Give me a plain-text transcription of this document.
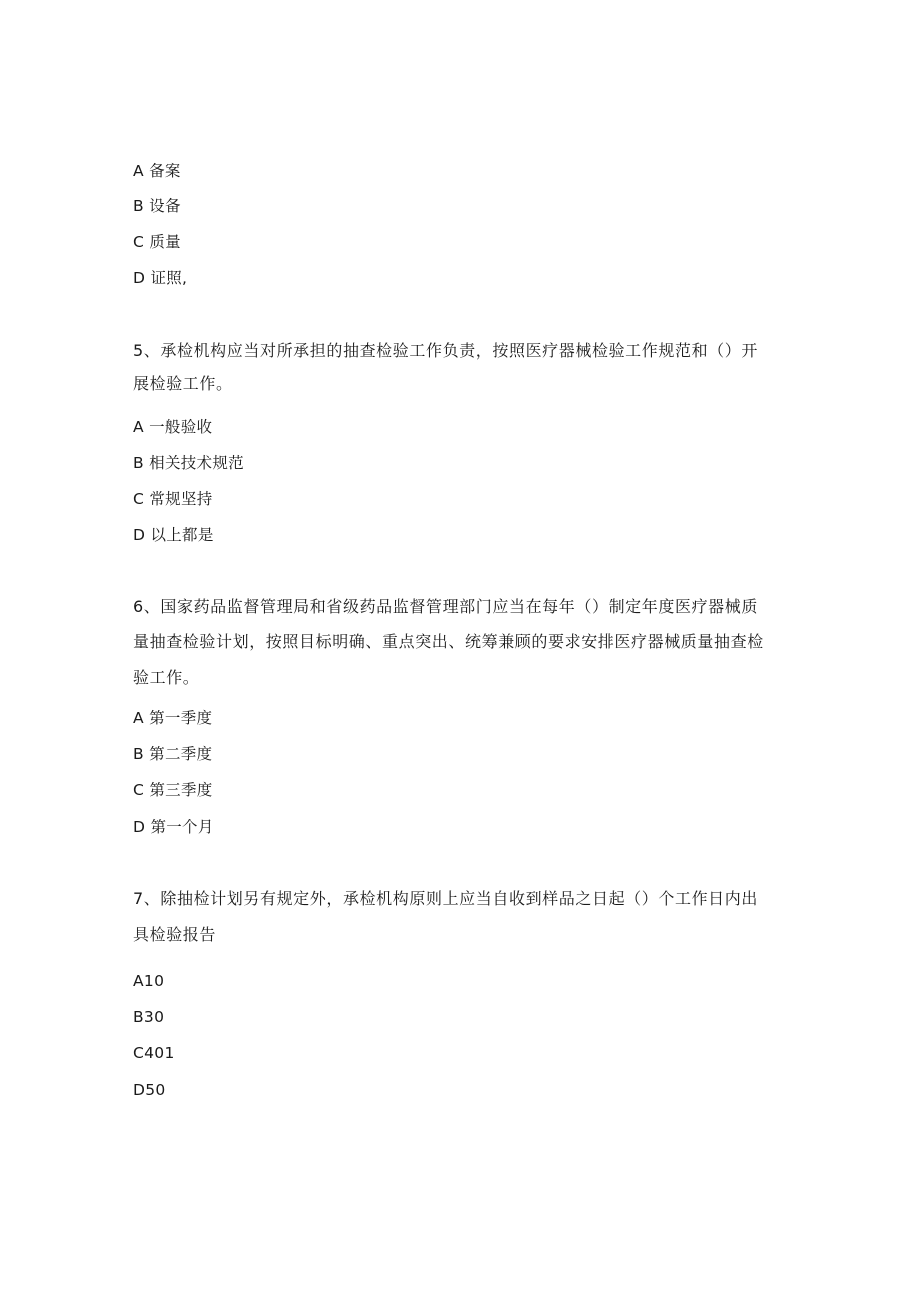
A 备案
B 设备
C 质量
D 证照,
5、承检机构应当对所承担的抽查检验工作负责，按照医疗器械检验工作规范和（）开
展检验工作。
A 一般验收
B 相关技术规范
C 常规坚持
D 以上都是
6、国家药品监督管理局和省级药品监督管理部门应当在每年（）制定年度医疗器械质
量抽查检验计划，按照目标明确、重点突出、统筹兼顾的要求安排医疗器械质量抽查检
验工作。
A 第一季度
B 第二季度
C 第三季度
D 第一个月
7、除抽检计划另有规定外，承检机构原则上应当自收到样品之日起（）个工作日内出
具检验报告
A10
B30
C401
D50
